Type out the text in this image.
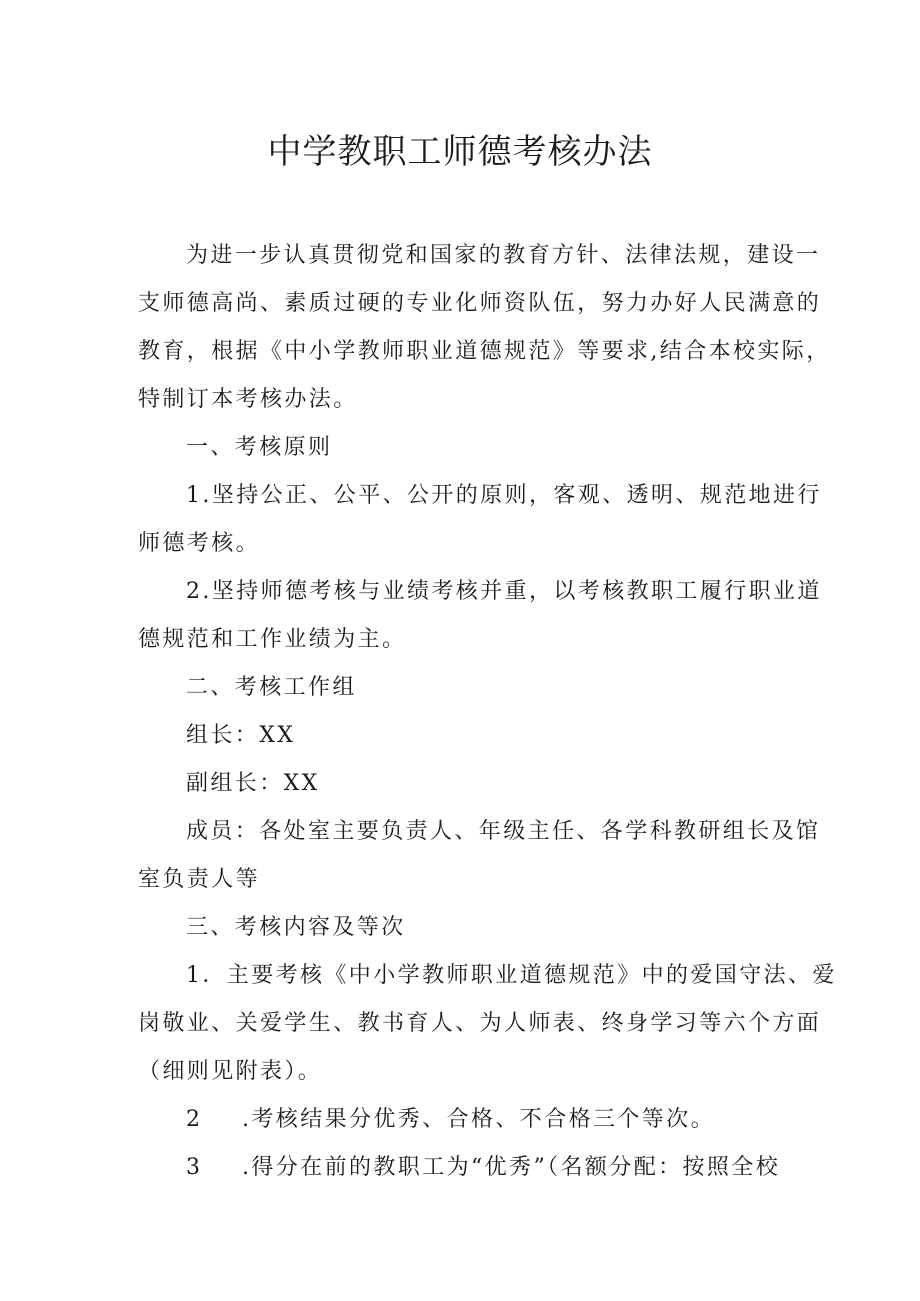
中学教职工师德考核办法
为进一步认真贯彻党和国家的教育方针、法律法规，建设一
支师德高尚、素质过硬的专业化师资队伍，努力办好人民满意的
教育，根据《中小学教师职业道德规范》等要求,结合本校实际，
特制订本考核办法。
一、考核原则
1.坚持公正、公平、公开的原则，客观、透明、规范地进行
师德考核。
2.坚持师德考核与业绩考核并重，以考核教职工履行职业道
德规范和工作业绩为主。
二、考核工作组
组长：XX
副组长：XX
成员：各处室主要负责人、年级主任、各学科教研组长及馆
室负责人等
三、考核内容及等次
1．主要考核《中小学教师职业道德规范》中的爱国守法、爱
岗敬业、关爱学生、教书育人、为人师表、终身学习等六个方面
（细则见附表）。
2 .考核结果分优秀、合格、不合格三个等次。
3 .得分在前的教职工为“优秀”（名额分配：按照全校
